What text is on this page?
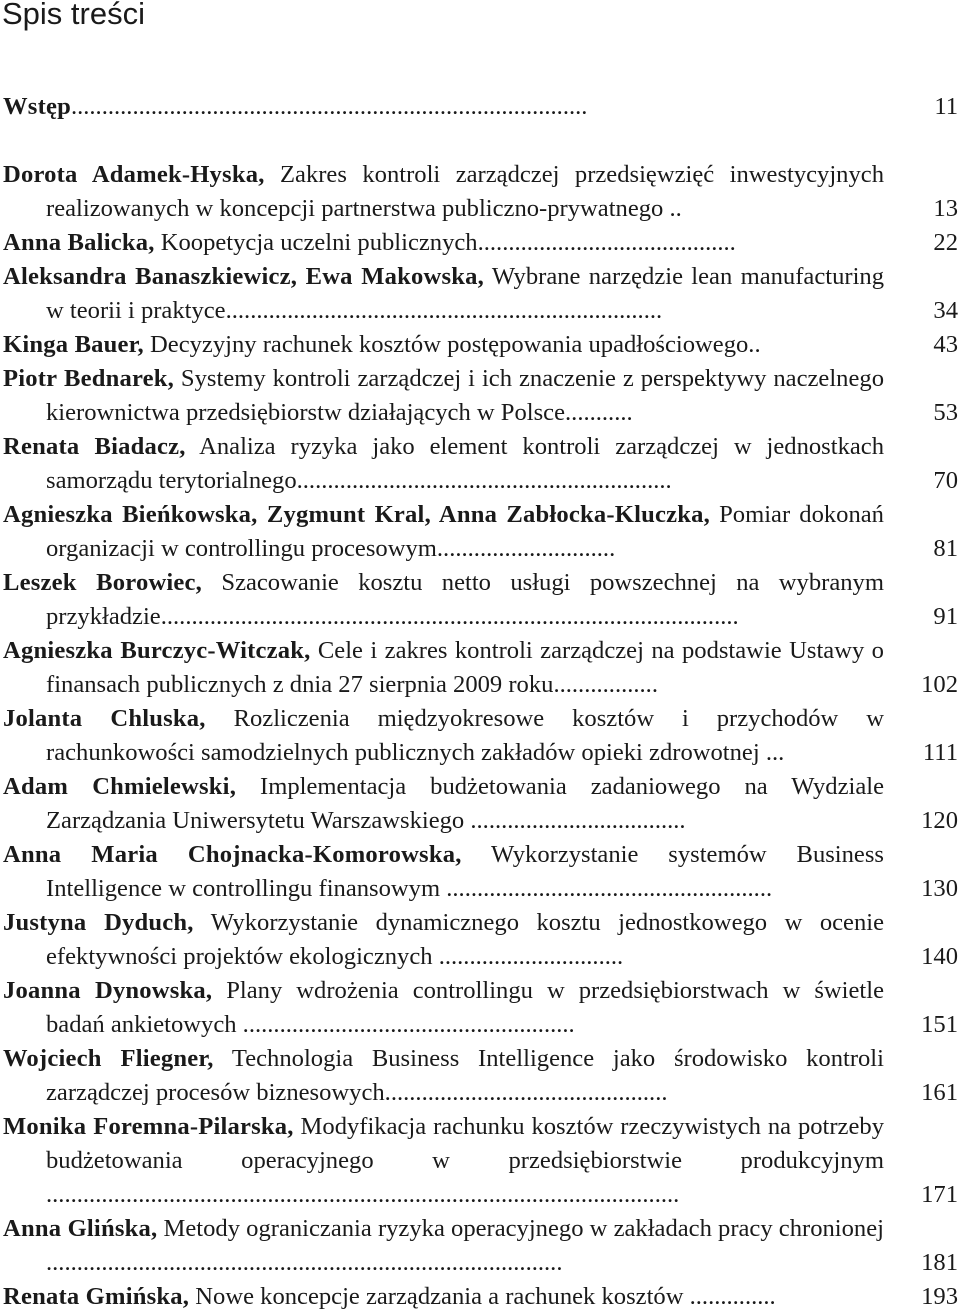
Spis treści
Wstęp....................................................................................	11
Dorota Adamek-Hyska, Zakres kontroli zarządczej przedsięwzięć inwestycyjnych realizowanych w koncepcji partnerstwa publiczno-prywatnego ..	13
Anna Balicka, Koopetycja uczelni publicznych..........................................	22
Aleksandra Banaszkiewicz, Ewa Makowska, Wybrane narzędzie lean manufacturing w teorii i praktyce.......................................................................	34
Kinga Bauer, Decyzyjny rachunek kosztów postępowania upadłościowego..	43
Piotr Bednarek, Systemy kontroli zarządczej i ich znaczenie z perspektywy naczelnego kierownictwa przedsiębiorstw działających w Polsce...........	53
Renata Biadacz, Analiza ryzyka jako element kontroli zarządczej w jednostkach samorządu terytorialnego.............................................................	70
Agnieszka Bieńkowska, Zygmunt Kral, Anna Zabłocka-Kluczka, Pomiar dokonań organizacji w controllingu procesowym.............................	81
Leszek Borowiec, Szacowanie kosztu netto usługi powszechnej na wybranym przykładzie..............................................................................................	91
Agnieszka Burczyc-Witczak, Cele i zakres kontroli zarządczej na podstawie Ustawy o finansach publicznych z dnia 27 sierpnia 2009 roku.................	102
Jolanta Chluska, Rozliczenia międzyokresowe kosztów i przychodów w rachunkowości samodzielnych publicznych zakładów opieki zdrowotnej ...	111
Adam Chmielewski, Implementacja budżetowania zadaniowego na Wydziale Zarządzania Uniwersytetu Warszawskiego ...................................	120
Anna Maria Chojnacka-Komorowska, Wykorzystanie systemów Business Intelligence w controllingu finansowym .....................................................	130
Justyna Dyduch, Wykorzystanie dynamicznego kosztu jednostkowego w ocenie efektywności projektów ekologicznych ..............................	140
Joanna Dynowska, Plany wdrożenia controllingu w przedsiębiorstwach w świetle badań ankietowych ......................................................	151
Wojciech Fliegner, Technologia Business Intelligence jako środowisko kontroli zarządczej procesów biznesowych..............................................	161
Monika Foremna-Pilarska, Modyfikacja rachunku kosztów rzeczywistych na potrzeby budżetowania operacyjnego w przedsiębiorstwie produkcyjnym .......................................................................................................	171
Anna Glińska, Metody ograniczania ryzyka operacyjnego w zakładach pracy chronionej ....................................................................................	181
Renata Gmińska, Nowe koncepcje zarządzania a rachunek kosztów ..............	193
